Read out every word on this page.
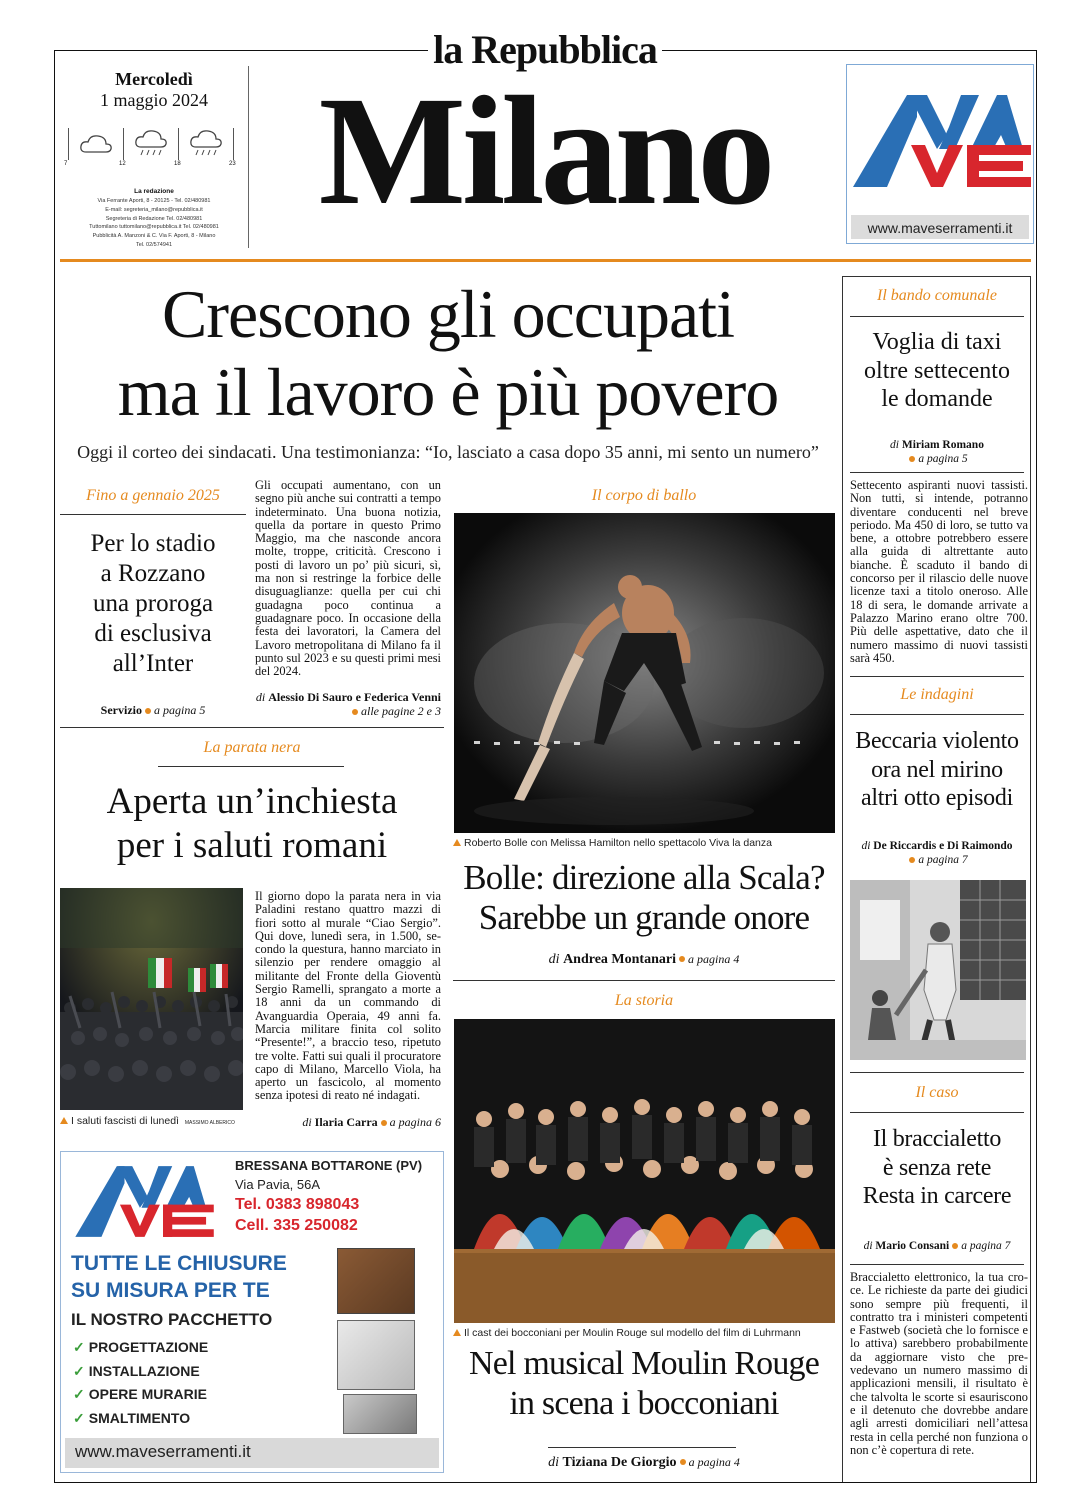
la Repubblica
Milano
Mercoledì
1 maggio 2024
7	12	18	23
La redazione
Via Ferrante Aporti, 8 - 20125 - Tel. 02/480981
E-mail: segreteria_milano@repubblica.it
Segreteria di Redazione Tel. 02/480981
Tuttomilano tuttomilano@repubblica.it Tel. 02/480981
Pubblicità A. Manzoni & C. Via F. Aporti, 8 - Milano
Tel. 02/574941
www.maveserramenti.it
Crescono gli occupati
ma il lavoro è più povero
Oggi il corteo dei sindacati. Una testimonianza: “Io, lasciato a casa dopo 35 anni, mi sento un numero”
Fino a gennaio 2025
Per lo stadio
a Rozzano
una proroga
di esclusiva
all’Inter
Servizio a pagina 5
Gli occupati aumentano, con un segno più anche sui contratti a tempo indeterminato. Una buona notizia, quella da portare in questo Primo Maggio, ma che nasconde ancora molte, troppe, criticità. Crescono i posti di lavoro un po’ più sicuri, sì, ma non si restringe la forbice delle disuguaglianze: quella per cui chi guadagna poco continua a guadagnare poco. In occasione della festa dei lavoratori, la Camera del Lavoro metropolitana di Milano fa il punto sul 2023 e su questi primi mesi del 2024.
di Alessio Di Sauro e Federica Vennialle pagine 2 e 3
La parata nera
Aperta un’inchiesta
per i saluti romani
I saluti fascisti di lunedì MASSIMO ALBERICO
Il giorno dopo la parata nera in via Paladini restano quattro mazzi di fiori sotto al murale “Ciao Sergio”. Qui dove, lunedì sera, in 1.500, secondo la questura, hanno marciato in silenzio per rendere omaggio al militante del Fronte della Gioventù Sergio Ramelli, sprangato a morte a 18 anni da un commando di Avanguardia Operaia, 49 anni fa. Marcia militare finita col solito “Presente!”, a braccio teso, ripetuto tre volte. Fatti sui quali il procuratore capo di Milano, Marcello Viola, ha aperto un fascicolo, al momento senza ipotesi di reato né indagati.
di Ilaria Carra a pagina 6
BRESSANA BOTTARONE (PV)
Via Pavia, 56A
Tel. 0383 898043
Cell. 335 250082
TUTTE LE CHIUSURE
SU MISURA PER TE
IL NOSTRO PACCHETTO
✓ PROGETTAZIONE
✓ INSTALLAZIONE
✓ OPERE MURARIE
✓ SMALTIMENTO
www.maveserramenti.it
Il corpo di ballo
Roberto Bolle con Melissa Hamilton nello spettacolo Viva la danza
Bolle: direzione alla Scala?
Sarebbe un grande onore
di Andrea Montanari a pagina 4
La storia
Il cast dei bocconiani per Moulin Rouge sul modello del film di Luhrmann
Nel musical Moulin Rouge
in scena i bocconiani
di Tiziana De Giorgio a pagina 4
Il bando comunale
Voglia di taxi
oltre settecento
le domande
di Miriam Romano
a pagina 5
Settecento aspiranti nuovi tassisti. Non tutti, si intende, potranno diventare conducenti nel breve periodo. Ma 450 di loro, se tutto va bene, a ottobre potrebbero essere alla guida di altrettante auto bianche. È scaduto il bando di concorso per il rilascio delle nuove licenze taxi a titolo oneroso. Alle 18 di sera, le domande arrivate a Palazzo Marino erano oltre 700. Più delle aspettative, dato che il numero massimo di nuovi tassisti sarà 450.
Le indagini
Beccaria violento
ora nel mirino
altri otto episodi
di De Riccardis e Di Raimondo
a pagina 7
Il caso
Il braccialetto
è senza rete
Resta in carcere
di Mario Consani a pagina 7
Braccialetto elettronico, la tua croce. Le richieste da parte dei giudici sono sempre più frequenti, il contratto tra i ministeri competenti e Fastweb (società che lo fornisce e lo attiva) sarebbero probabilmente da aggiornare visto che prevedevano un numero massimo di applicazioni mensili, il risultato è che talvolta le scorte si esauriscono e il detenuto che dovrebbe andare agli arresti domiciliari nell’attesa resta in cella perché non funziona o non c’è copertura di rete.
